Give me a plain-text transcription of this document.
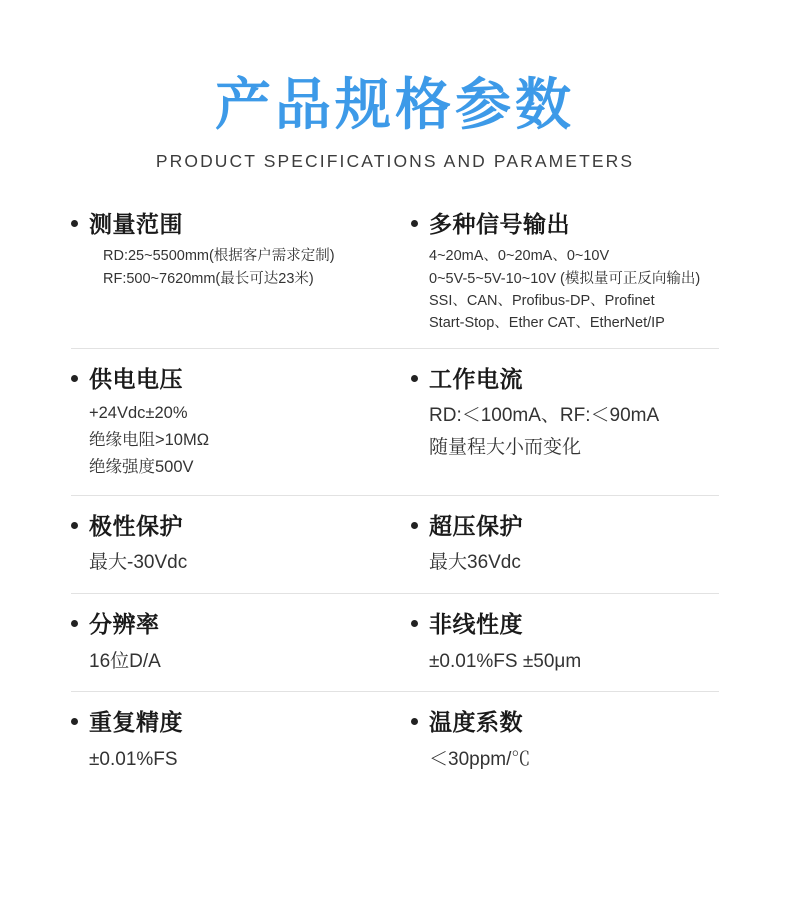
产品规格参数
PRODUCT SPECIFICATIONS AND PARAMETERS
测量范围
RD:25~5500mm(根据客户需求定制)
RF:500~7620mm(最长可达23米)
多种信号输出
4~20mA、0~20mA、0~10V
0~5V-5~5V-10~10V (模拟量可正反向输出)
SSI、CAN、Profibus-DP、Profinet
Start-Stop、Ether CAT、EtherNet/IP
供电电压
+24Vdc±20%
绝缘电阻>10MΩ
绝缘强度500V
工作电流
RD:＜100mA、RF:＜90mA
随量程大小而变化
极性保护
最大-30Vdc
超压保护
最大36Vdc
分辨率
16位D/A
非线性度
±0.01%FS ±50μm
重复精度
±0.01%FS
温度系数
＜30ppm/℃
